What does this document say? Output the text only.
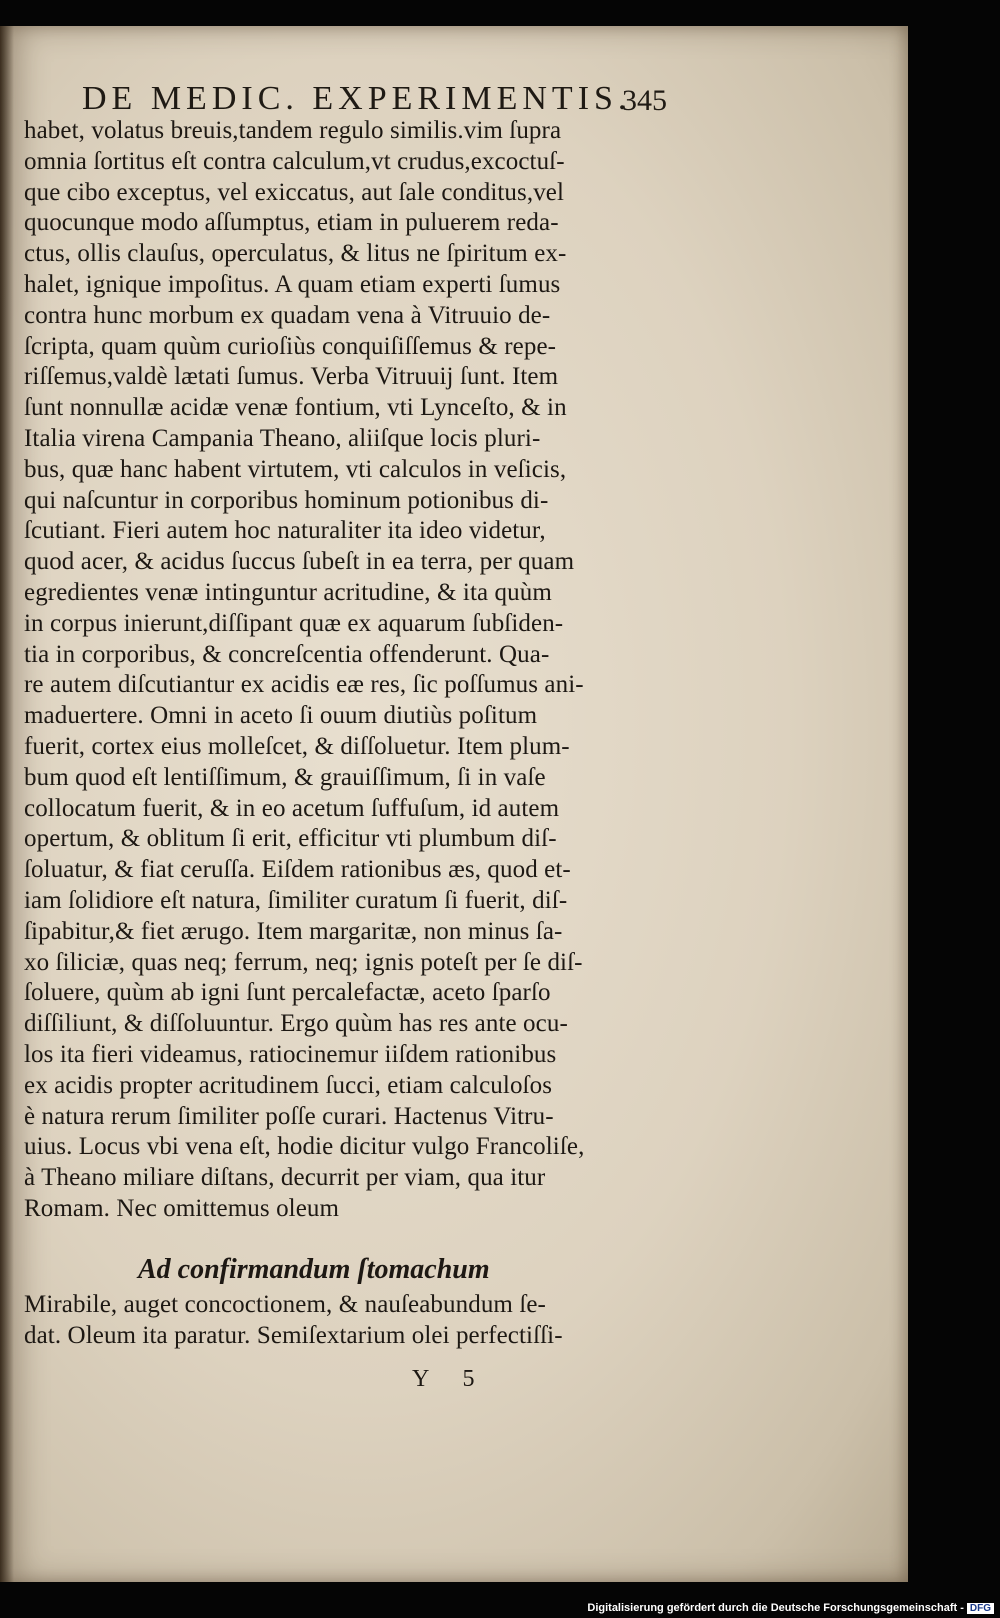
DE MEDIC. EXPERIMENTIS.
345
habet, volatus breuis,tandem regulo similis.vim ſupra
omnia ſortitus eſt contra calculum,vt crudus,excoctuſ-
que cibo exceptus, vel exiccatus, aut ſale conditus,vel
quocunque modo aſſumptus, etiam in puluerem reda-
ctus, ollis clauſus, operculatus, & litus ne ſpiritum ex-
halet, ignique impoſitus. A quam etiam experti ſumus
contra hunc morbum ex quadam vena à Vitruuio de-
ſcripta, quam quùm curioſiùs conquiſiſſemus & repe-
riſſemus,valdè lætati ſumus. Verba Vitruuij ſunt. Item
ſunt nonnullæ acidæ venæ fontium, vti Lynceſto, & in
Italia virena Campania Theano, aliiſque locis pluri-
bus, quæ hanc habent virtutem, vti calculos in veſicis,
qui naſcuntur in corporibus hominum potionibus di-
ſcutiant. Fieri autem hoc naturaliter ita ideo videtur,
quod acer, & acidus ſuccus ſubeſt in ea terra, per quam
egredientes venæ intinguntur acritudine, & ita quùm
in corpus inierunt,diſſipant quæ ex aquarum ſubſiden-
tia in corporibus, & concreſcentia offenderunt. Qua-
re autem diſcutiantur ex acidis eæ res, ſic poſſumus ani-
maduertere. Omni in aceto ſi ouum diutiùs poſitum
fuerit, cortex eius molleſcet, & diſſoluetur. Item plum-
bum quod eſt lentiſſimum, & grauiſſimum, ſi in vaſe
collocatum fuerit, & in eo acetum ſuffuſum, id autem
opertum, & oblitum ſi erit, efficitur vti plumbum diſ-
ſoluatur, & fiat ceruſſa. Eiſdem rationibus æs, quod et-
iam ſolidiore eſt natura, ſimiliter curatum ſi fuerit, diſ-
ſipabitur,& fiet ærugo. Item margaritæ, non minus ſa-
xo ſiliciæ, quas neq; ferrum, neq; ignis poteſt per ſe diſ-
ſoluere, quùm ab igni ſunt percalefactæ, aceto ſparſo
diſſiliunt, & diſſoluuntur. Ergo quùm has res ante ocu-
los ita fieri videamus, ratiocinemur iiſdem rationibus
ex acidis propter acritudinem ſucci, etiam calculoſos
è natura rerum ſimiliter poſſe curari. Hactenus Vitru-
uius. Locus vbi vena eſt, hodie dicitur vulgo Francoliſe,
à Theano miliare diſtans, decurrit per viam, qua itur
Romam. Nec omittemus oleum
Ad confirmandum ſtomachum
Mirabile, auget concoctionem, & nauſeabundum ſe-
dat. Oleum ita paratur. Semiſextarium olei perfectiſſi-
Y 5
Digitalisierung gefördert durch die Deutsche Forschungsgemeinschaft - DFG
